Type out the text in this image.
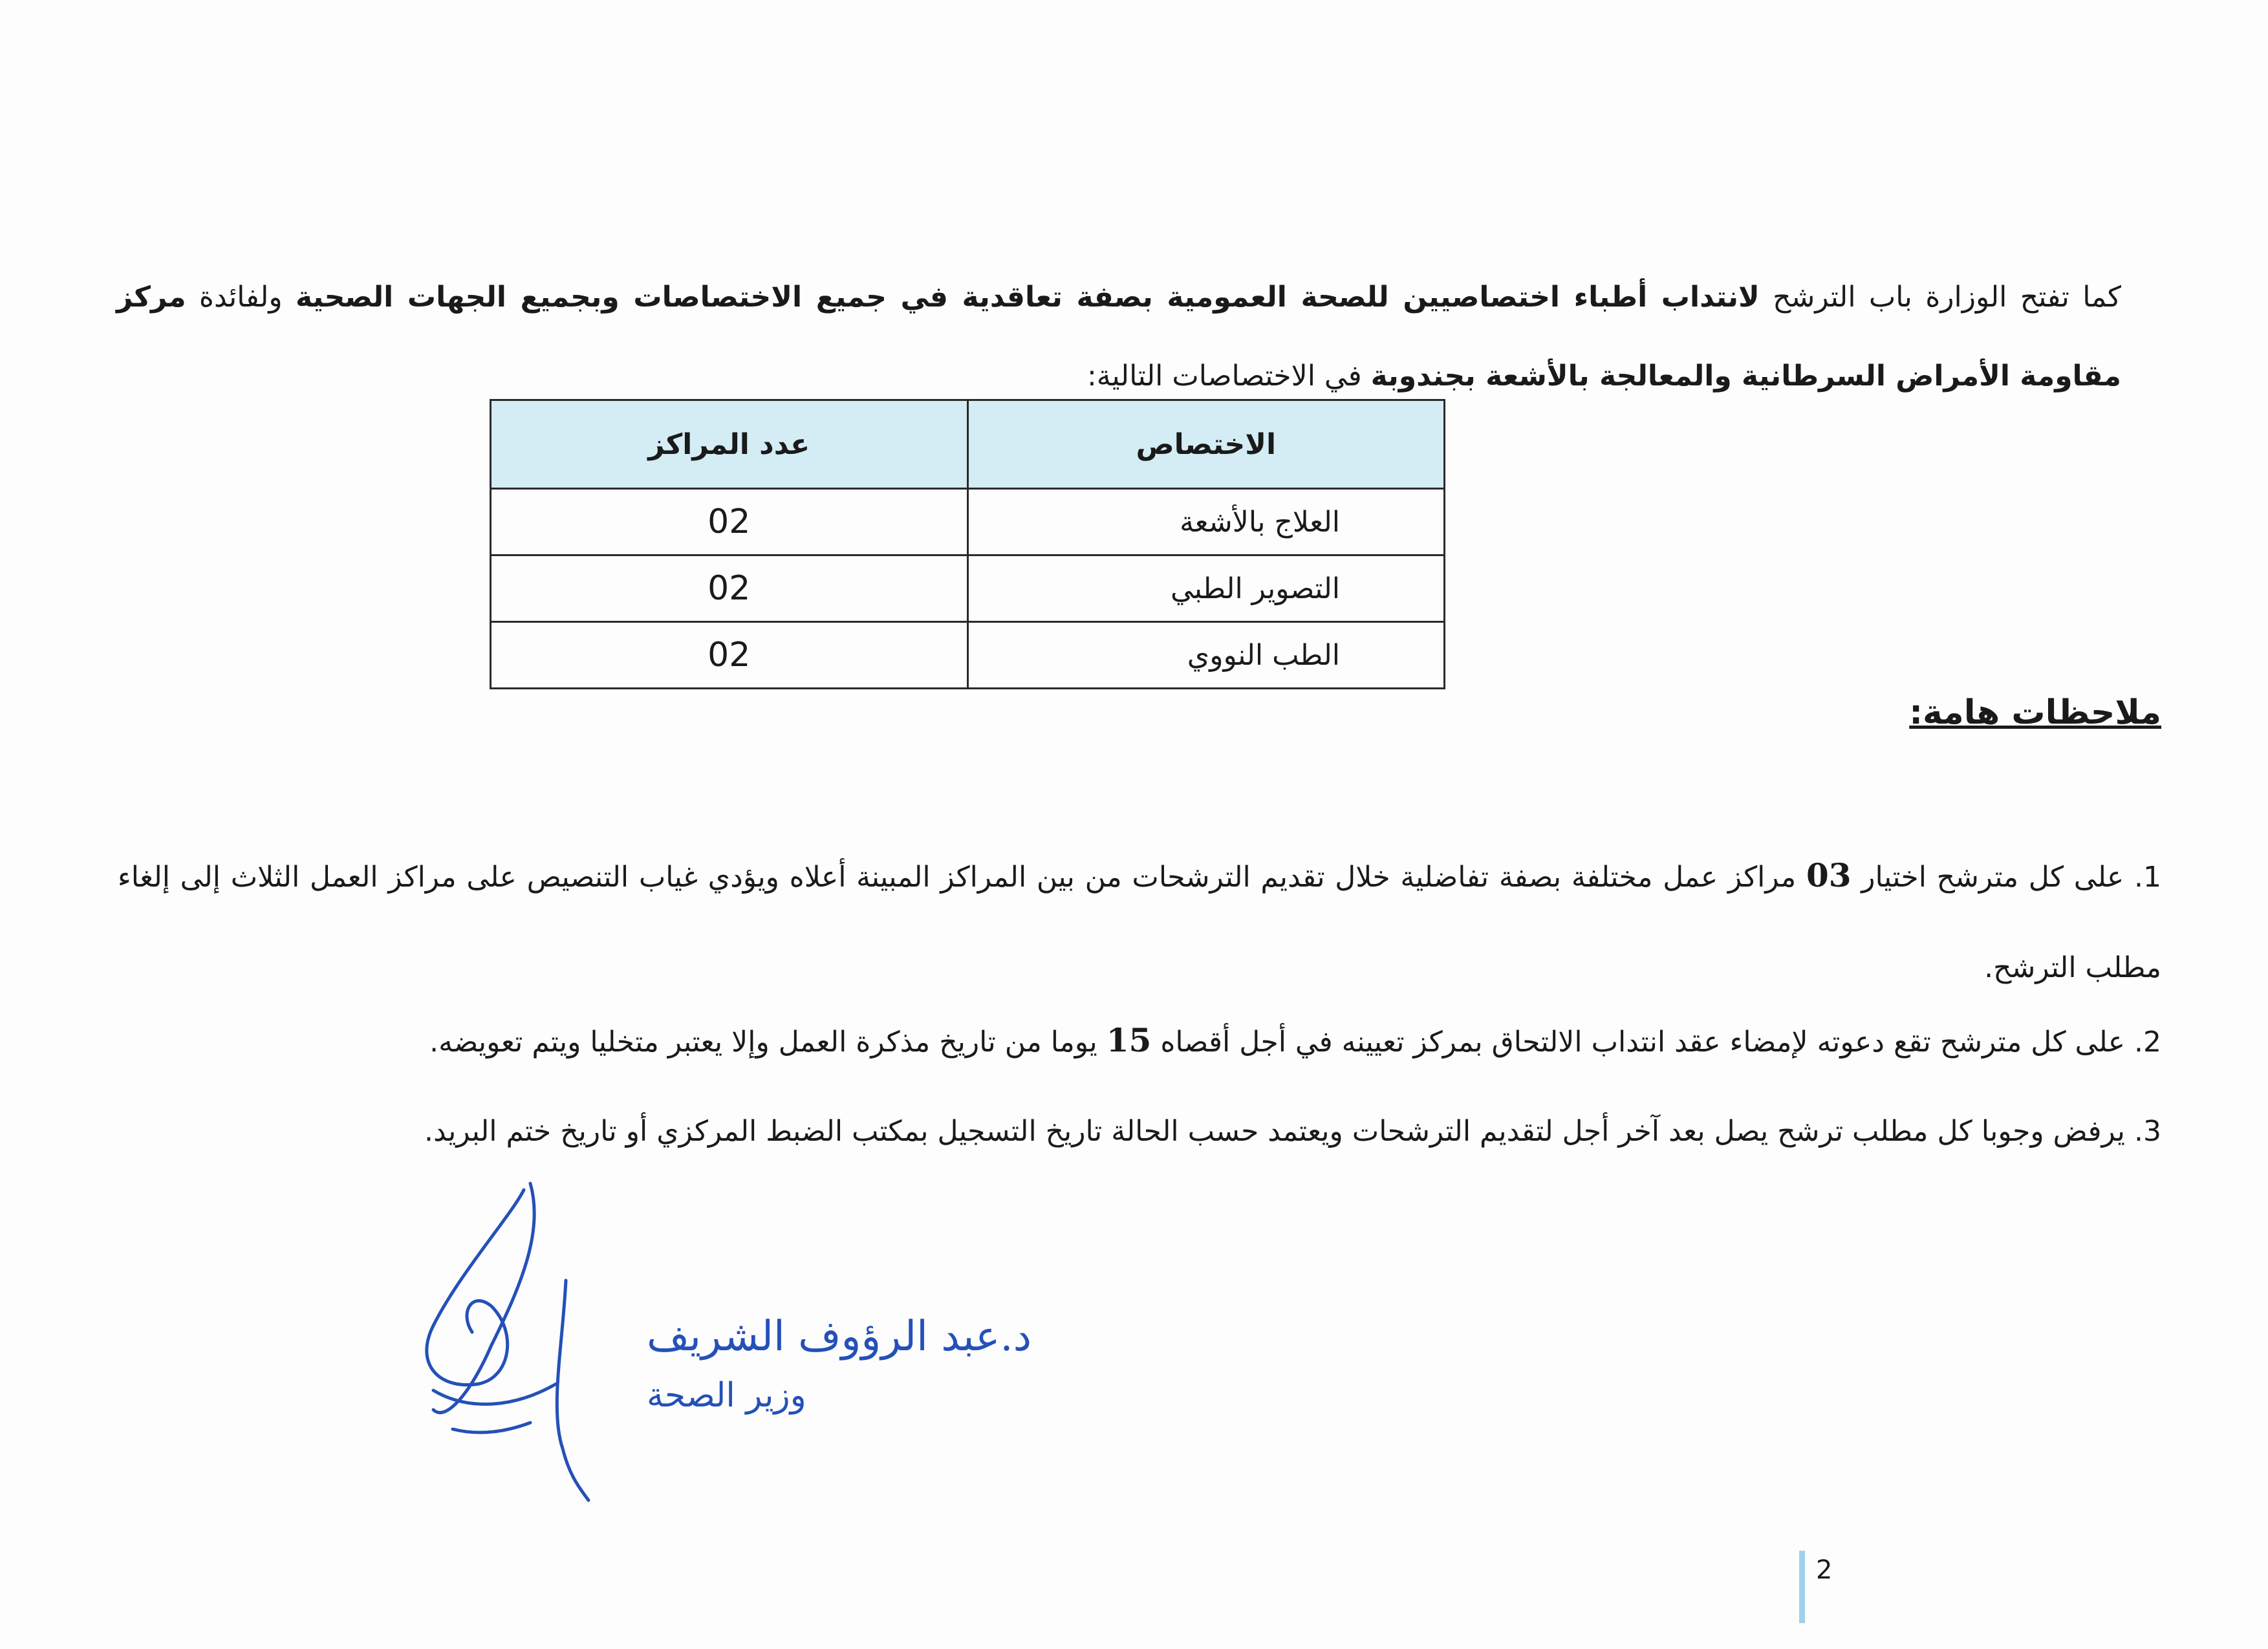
كما تفتح الوزارة باب الترشح لانتداب أطباء اختصاصيين للصحة العمومية بصفة تعاقدية في جميع الاختصاصات وبجميع الجهات الصحية ولفائدة مركز مقاومة الأمراض السرطانية والمعالجة بالأشعة بجندوبة في الاختصاصات التالية:

الاختصاص	عدد المراكز
العلاج بالأشعة	02
التصوير الطبي	02
الطب النووي	02
ملاحظات هامة:

1. على كل مترشح اختيار 03 مراكز عمل مختلفة بصفة تفاضلية خلال تقديم الترشحات من بين المراكز المبينة أعلاه ويؤدي غياب التنصيص على مراكز العمل الثلاث إلى إلغاء مطلب الترشح.

2. على كل مترشح تقع دعوته لإمضاء عقد انتداب الالتحاق بمركز تعيينه في أجل أقصاه 15 يوما من تاريخ مذكرة العمل وإلا يعتبر متخليا ويتم تعويضه.

3. يرفض وجوبا كل مطلب ترشح يصل بعد آخر أجل لتقديم الترشحات ويعتمد حسب الحالة تاريخ التسجيل بمكتب الضبط المركزي أو تاريخ ختم البريد.

د.عبد الرؤوف الشريف
وزير الصحة
2
